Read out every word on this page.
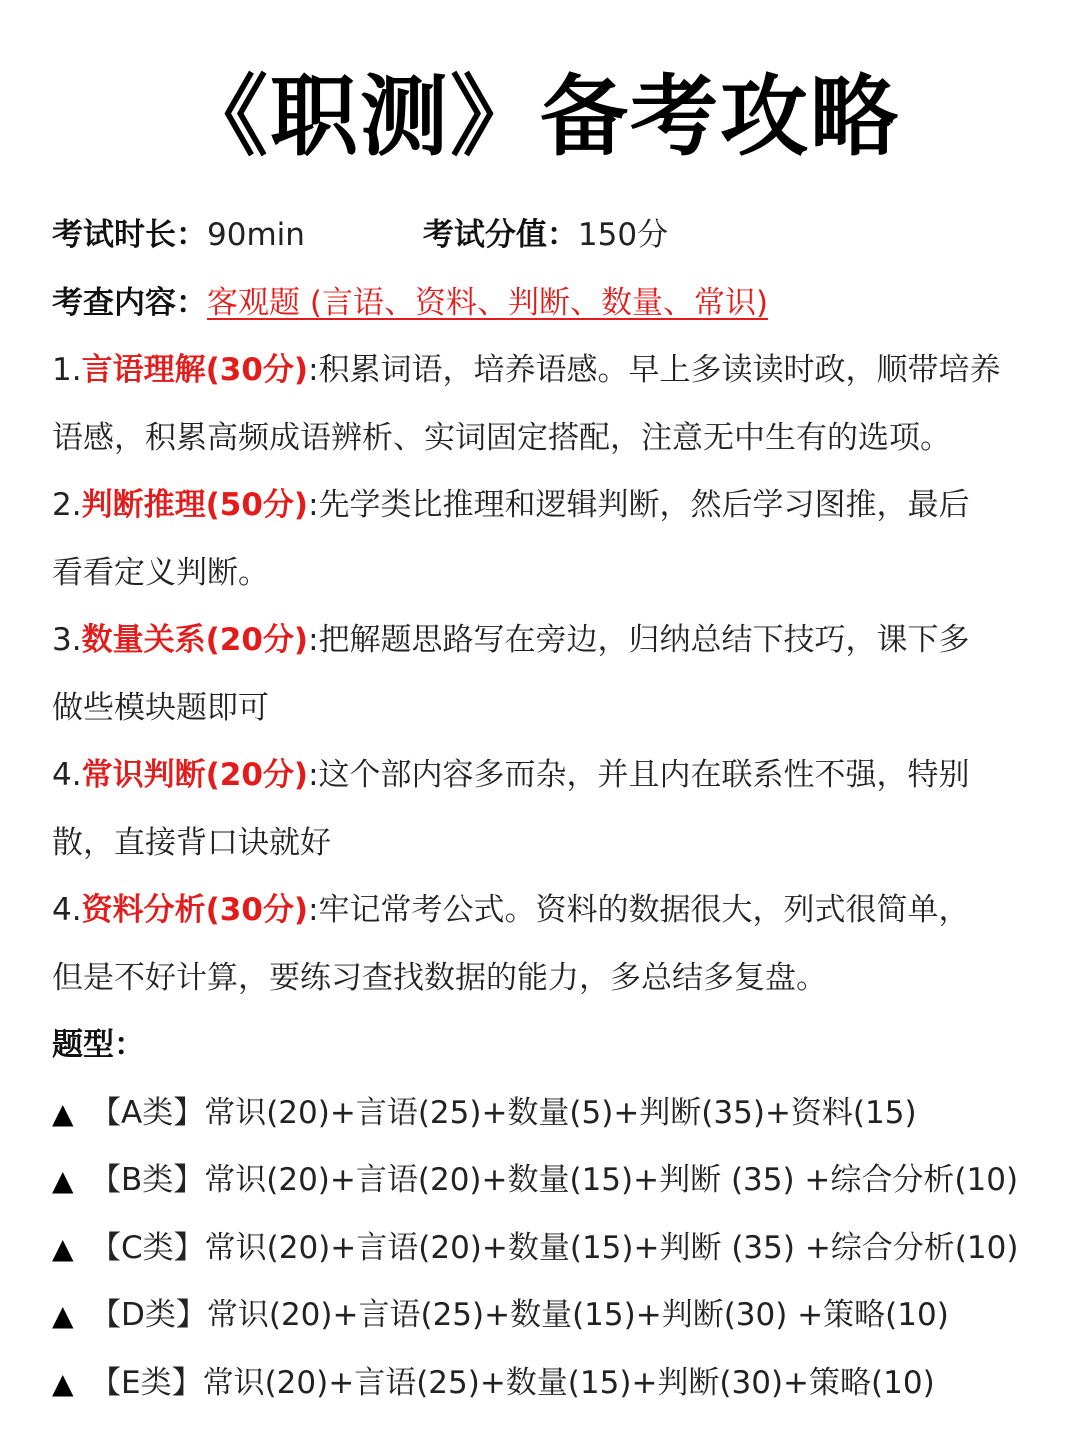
《职测》备考攻略
考试时长：90min	考试分值：150分
考查内容：客观题 (言语、资料、判断、数量、常识)
1.言语理解(30分):积累词语，培养语感。早上多读读时政，顺带培养
语感，积累高频成语辨析、实词固定搭配，注意无中生有的选项。
2.判断推理(50分):先学类比推理和逻辑判断，然后学习图推，最后
看看定义判断。
3.数量关系(20分):把解题思路写在旁边，归纳总结下技巧，课下多
做些模块题即可
4.常识判断(20分):这个部内容多而杂，并且内在联系性不强，特别
散，直接背口诀就好
4.资料分析(30分):牢记常考公式。资料的数据很大，列式很简单，
但是不好计算，要练习查找数据的能力，多总结多复盘。
题型：
▲ 【A类】常识(20)+言语(25)+数量(5)+判断(35)+资料(15)
▲ 【B类】常识(20)+言语(20)+数量(15)+判断 (35) +综合分析(10)
▲ 【C类】常识(20)+言语(20)+数量(15)+判断 (35) +综合分析(10)
▲ 【D类】常识(20)+言语(25)+数量(15)+判断(30) +策略(10)
▲ 【E类】常识(20)+言语(25)+数量(15)+判断(30)+策略(10)
